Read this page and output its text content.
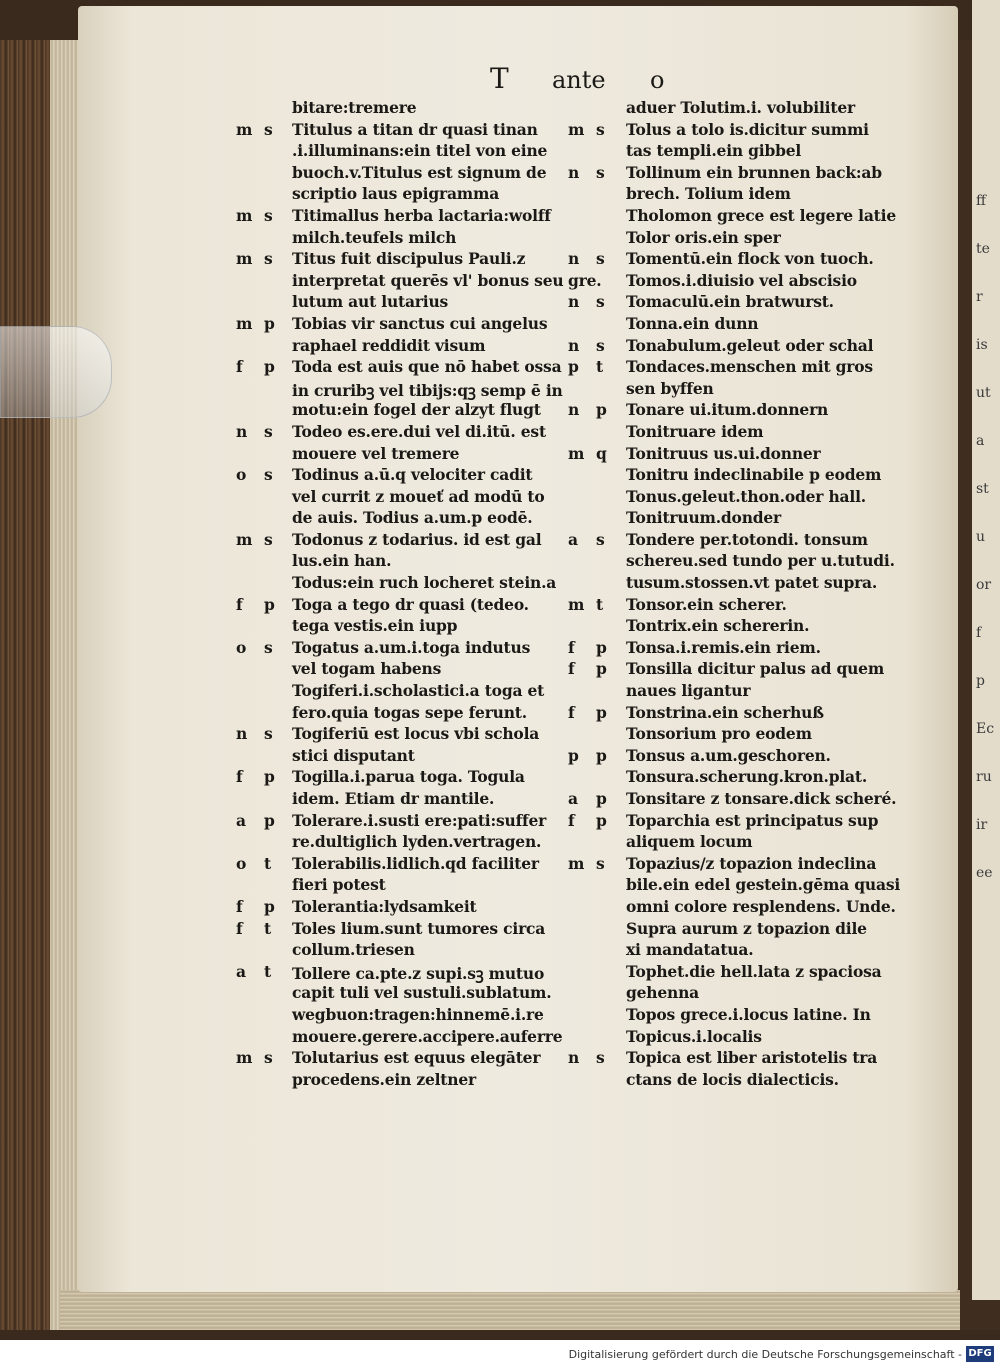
ff
te
r
is
ut
a
st
u
or
f
p
Ec
ru
ir
ee
T ante o
bitare:tremere
m s	Titulus a titan dr quasi tinan
.i.illuminans:ein titel von eine
buoch.v.Titulus est signum de
scriptio laus epigramma
m s	Titimallus herba lactaria:wolff
milch.teufels milch
m s	Titus fuit discipulus Pauli.z
interpretat querēs vl' bonus seu
lutum aut lutarius
m p	Tobias vir sanctus cui angelus
raphael reddidit visum
f	p	Toda est auis que nō habet ossa
in cruribꝫ vel tibijs:qꝫ semp ē in
motu:ein fogel der alzyt flugt
n	s	Todeo es.ere.dui vel di.itū. est
mouere vel tremere
o	s	Todinus a.ū.q velociter cadit
vel currit z moueť ad modū to
de auis. Todius a.um.p eodē.
m s	Todonus z todarius. id est gal
lus.ein han.
Todus:ein ruch locheret stein.a
f	p	Toga a tego dr quasi (tedeo.
tega vestis.ein iupp
o	s	Togatus a.um.i.toga indutus
vel togam habens
Togiferi.i.scholastici.a toga et
fero.quia togas sepe ferunt.
n	s	Togiferiū est locus vbi schola
stici disputant
f	p	Togilla.i.parua toga. Togula
idem. Etiam dr mantile.
a	p	Tolerare.i.susti ere:pati:suffer
re.dultiglich lyden.vertragen.
o	t	Tolerabilis.lidlich.qd faciliter
fieri potest
f	p	Tolerantia:lydsamkeit
f	t	Toles lium.sunt tumores circa
collum.triesen
a	t	Tollere ca.pte.z supi.sꝫ mutuo
capit tuli vel sustuli.sublatum.
wegbuon:tragen:hinnemē.i.re
mouere.gerere.accipere.auferre
m s	Tolutarius est equus elegāter
procedens.ein zeltner
aduer Tolutim.i. volubiliter
m s	Tolus a tolo is.dicitur summi
tas templi.ein gibbel
n	s	Tollinum ein brunnen back:ab
brech. Tolium idem
Tholomon grece est legere latie
Tolor oris.ein sper
n	s	Tomentū.ein flock von tuoch.
gre. Tomos.i.diuisio vel abscisio
n	s	Tomaculū.ein bratwurst.
Tonna.ein dunn
n	s	Tonabulum.geleut oder schal
p	t	Tondaces.menschen mit gros
sen byffen
n	p	Tonare ui.itum.donnern
Tonitruare idem
m q	Tonitruus us.ui.donner
Tonitru indeclinabile p eodem
Tonus.geleut.thon.oder hall.
Tonitruum.donder
a	s	Tondere per.totondi. tonsum
schereu.sed tundo per u.tutudi.
tusum.stossen.vt patet supra.
m t	Tonsor.ein scherer.
Tontrix.ein schererin.
f	p	Tonsa.i.remis.ein riem.
f	p	Tonsilla dicitur palus ad quem
naues ligantur
f	p	Tonstrina.ein scherhuß
Tonsorium pro eodem
p	p	Tonsus a.um.geschoren.
Tonsura.scherung.kron.plat.
a	p	Tonsitare z tonsare.dick scheré.
f	p	Toparchia est principatus sup
aliquem locum
m s	Topazius/z topazion indeclina
bile.ein edel gestein.gēma quasi
omni colore resplendens. Unde.
Supra aurum z topazion dile
xi mandatatua.
Tophet.die hell.lata z spaciosa
gehenna
Topos grece.i.locus latine. In
Topicus.i.localis
n	s	Topica est liber aristotelis tra
ctans de locis dialecticis.
Digitalisierung gefördert durch die Deutsche Forschungsgemeinschaft - DFG
